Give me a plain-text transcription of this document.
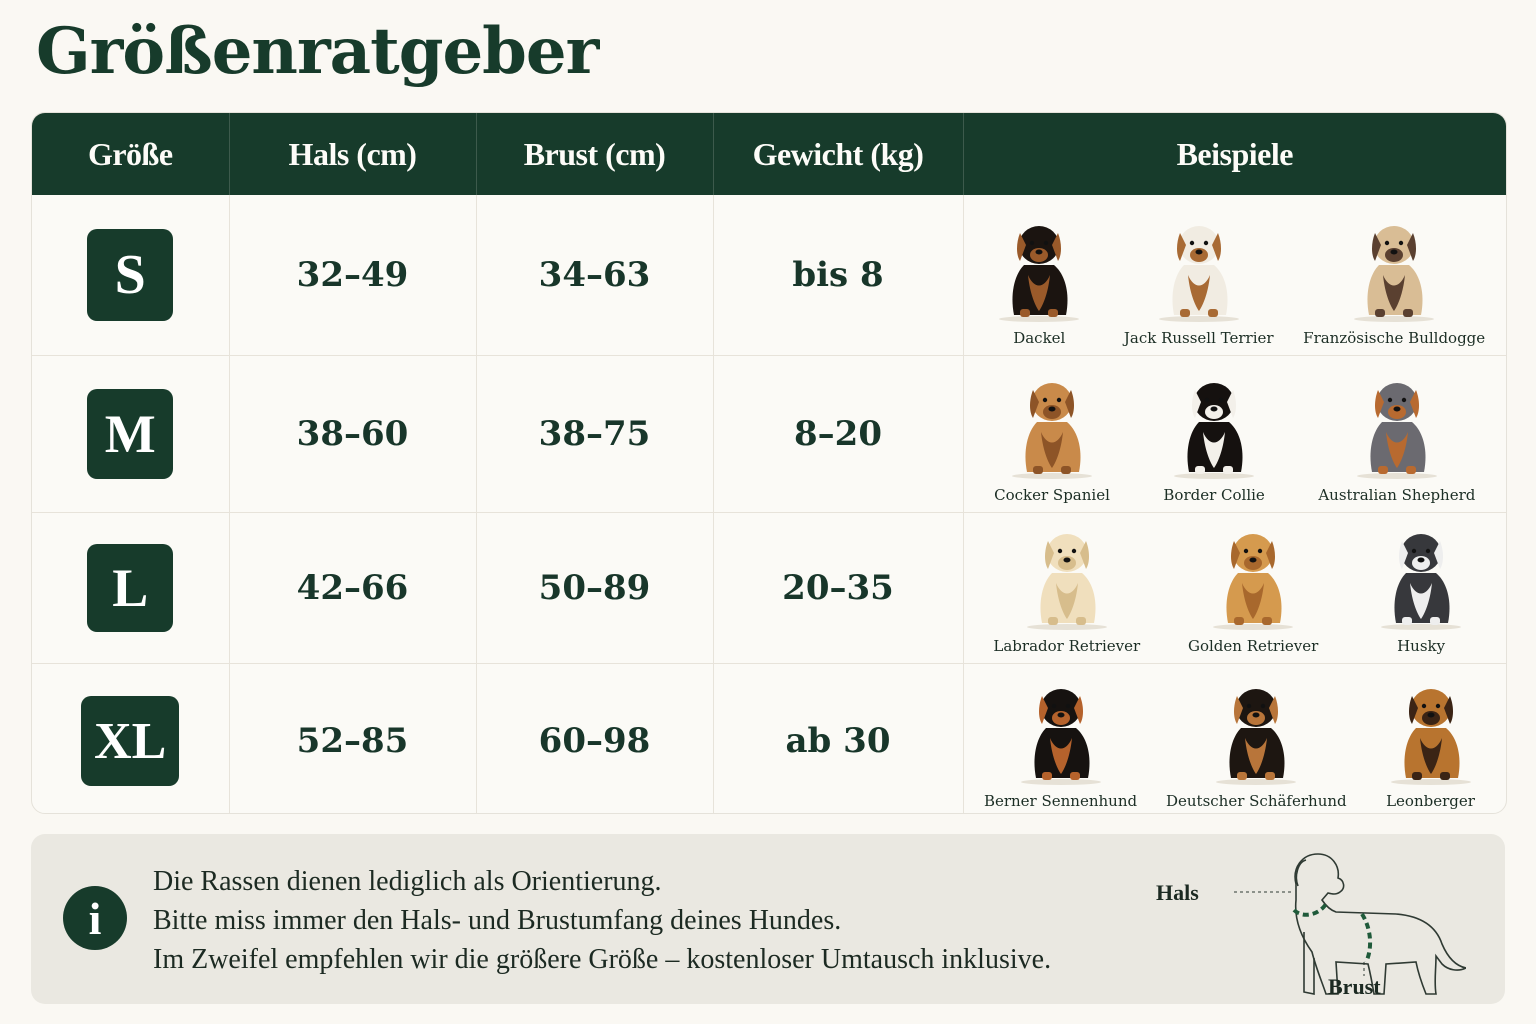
Größenratgeber
Größe	Hals (cm)	Brust (cm)	Gewicht (kg)	Beispiele
S	32–49	34–63	bis 8	Dackel Jack Russell Terrier Französische Bulldogge

M	38–60	38–75	8–20	Cocker Spaniel Border Collie Australian Shepherd

L	42–66	50–89	20–35	Labrador Retriever Golden Retriever Husky

XL	52–85	60–98	ab 30	Berner Sennenhund Deutscher Schäferhund Leonberger
i
Die Rassen dienen lediglich als Orientierung.
Bitte miss immer den Hals- und Brustumfang deines Hundes.
Im Zweifel empfehlen wir die größere Größe – kostenloser Umtausch inklusive.
Hals
Brust
